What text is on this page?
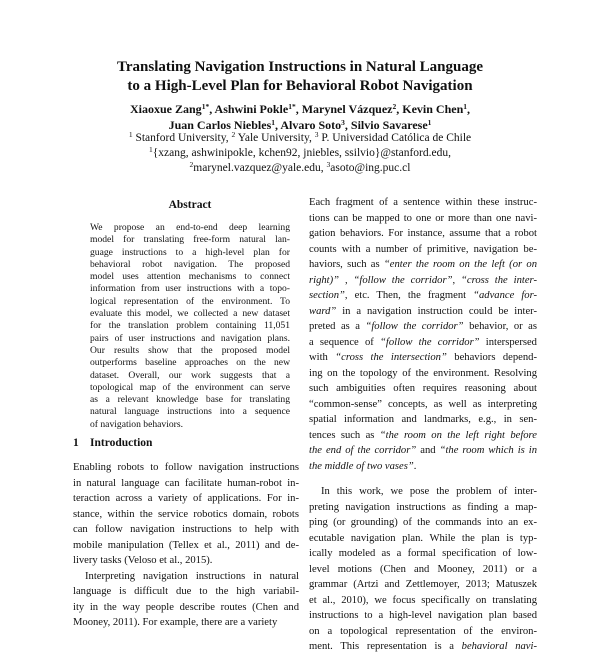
Translating Navigation Instructions in Natural Language
to a High-Level Plan for Behavioral Robot Navigation
Xiaoxue Zang$^{1*}$, Ashwini Pokle$^{1*}$, Marynel Vázquez$^2$, Kevin Chen$^1$,
Juan Carlos Niebles$^1$, Alvaro Soto$^3$, Silvio Savarese$^1$
$^1$ Stanford University, $^2$ Yale University, $^3$ P. Universidad Católica de Chile
$^1${xzang, ashwinipokle, kchen92, jniebles, ssilvio}@stanford.edu,
$^2$marynel.vazquez@yale.edu, $^3$asoto@ing.puc.cl
Abstract
We propose an end-to-end deep learning
model for translating free-form natural lan-
guage instructions to a high-level plan for
behavioral robot navigation. The proposed
model uses attention mechanisms to connect
information from user instructions with a topo-
logical representation of the environment. To
evaluate this model, we collected a new dataset
for the translation problem containing 11,051
pairs of user instructions and navigation plans.
Our results show that the proposed model
outperforms baseline approaches on the new
dataset. Overall, our work suggests that a
topological map of the environment can serve
as a relevant knowledge base for translating
natural language instructions into a sequence
of navigation behaviors.
1 Introduction
Enabling robots to follow navigation instructions
in natural language can facilitate human-robot in-
teraction across a variety of applications. For in-
stance, within the service robotics domain, robots
can follow navigation instructions to help with
mobile manipulation (Tellex et al., 2011) and de-
livery tasks (Veloso et al., 2015).
Interpreting navigation instructions in natural
language is difficult due to the high variabil-
ity in the way people describe routes (Chen and
Mooney, 2011). For example, there are a variety
Each fragment of a sentence within these instruc-
tions can be mapped to one or more than one navi-
gation behaviors. For instance, assume that a robot
counts with a number of primitive, navigation be-
haviors, such as “enter the room on the left (or on
right)” , “follow the corridor”, “cross the inter-
section”, etc. Then, the fragment “advance for-
ward” in a navigation instruction could be inter-
preted as a “follow the corridor” behavior, or as
a sequence of “follow the corridor” interspersed
with “cross the intersection” behaviors depend-
ing on the topology of the environment. Resolving
such ambiguities often requires reasoning about
“common-sense” concepts, as well as interpreting
spatial information and landmarks, e.g., in sen-
tences such as “the room on the left right before
the end of the corridor” and “the room which is in
the middle of two vases”.
In this work, we pose the problem of inter-
preting navigation instructions as finding a map-
ping (or grounding) of the commands into an ex-
ecutable navigation plan. While the plan is typ-
ically modeled as a formal specification of low-
level motions (Chen and Mooney, 2011) or a
grammar (Artzi and Zettlemoyer, 2013; Matuszek
et al., 2010), we focus specifically on translating
instructions to a high-level navigation plan based
on a topological representation of the environ-
ment. This representation is a behavioral navi-
